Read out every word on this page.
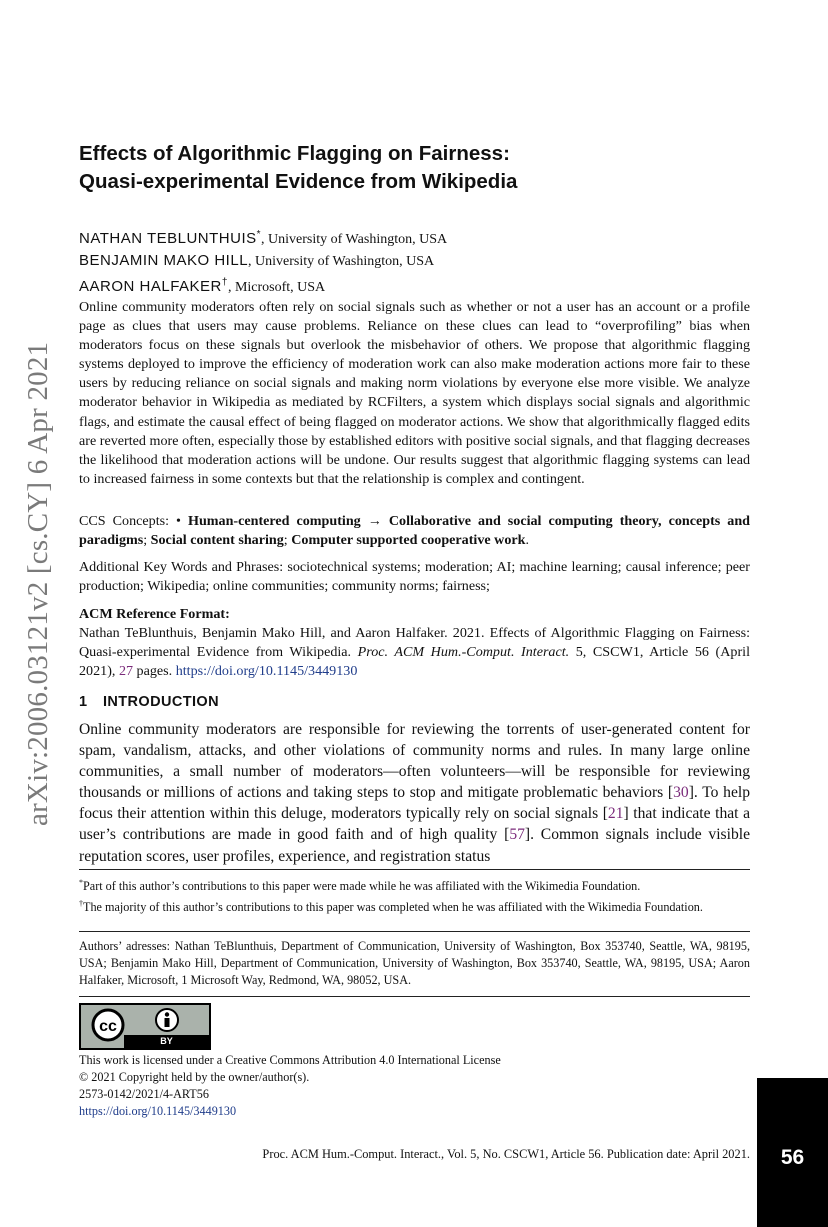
arXiv:2006.03121v2 [cs.CY] 6 Apr 2021
Effects of Algorithmic Flagging on Fairness:
Quasi-experimental Evidence from Wikipedia
NATHAN TEBLUNTHUIS*, University of Washington, USA
BENJAMIN MAKO HILL, University of Washington, USA
AARON HALFAKER†, Microsoft, USA

Online community moderators often rely on social signals such as whether or not a user has an account or a profile page as clues that users may cause problems. Reliance on these clues can lead to “overprofiling” bias when moderators focus on these signals but overlook the misbehavior of others. We propose that algorithmic flagging systems deployed to improve the efficiency of moderation work can also make moderation actions more fair to these users by reducing reliance on social signals and making norm violations by everyone else more visible. We analyze moderator behavior in Wikipedia as mediated by RCFilters, a system which displays social signals and algorithmic flags, and estimate the causal effect of being flagged on moderator actions. We show that algorithmically flagged edits are reverted more often, especially those by established editors with positive social signals, and that flagging decreases the likelihood that moderation actions will be undone. Our results suggest that algorithmic flagging systems can lead to increased fairness in some contexts but that the relationship is complex and contingent.

CCS Concepts: • Human-centered computing → Collaborative and social computing theory, concepts and paradigms; Social content sharing; Computer supported cooperative work.

Additional Key Words and Phrases: sociotechnical systems; moderation; AI; machine learning; causal inference; peer production; Wikipedia; online communities; community norms; fairness;

ACM Reference Format:
Nathan TeBlunthuis, Benjamin Mako Hill, and Aaron Halfaker. 2021. Effects of Algorithmic Flagging on Fairness: Quasi-experimental Evidence from Wikipedia. Proc. ACM Hum.-Comput. Interact. 5, CSCW1, Article 56 (April 2021), 27 pages. https://doi.org/10.1145/3449130

1 INTRODUCTION

Online community moderators are responsible for reviewing the torrents of user-generated content for spam, vandalism, attacks, and other violations of community norms and rules. In many large online communities, a small number of moderators—often volunteers—will be responsible for reviewing thousands or millions of actions and taking steps to stop and mitigate problematic behaviors [30]. To help focus their attention within this deluge, moderators typically rely on social signals [21] that indicate that a user’s contributions are made in good faith and of high quality [57]. Common signals include visible reputation scores, user profiles, experience, and registration status

*Part of this author’s contributions to this paper were made while he was affiliated with the Wikimedia Foundation.

†The majority of this author’s contributions to this paper was completed when he was affiliated with the Wikimedia Foundation.

Authors’ adresses: Nathan TeBlunthuis, Department of Communication, University of Washington, Box 353740, Seattle, WA, 98195, USA; Benjamin Mako Hill, Department of Communication, University of Washington, Box 353740, Seattle, WA, 98195, USA; Aaron Halfaker, Microsoft, 1 Microsoft Way, Redmond, WA, 98052, USA.

cc
BY

This work is licensed under a Creative Commons Attribution 4.0 International License

© 2021 Copyright held by the owner/author(s).

2573-0142/2021/4-ART56

https://doi.org/10.1145/3449130

Proc. ACM Hum.-Comput. Interact., Vol. 5, No. CSCW1, Article 56. Publication date: April 2021.	56
